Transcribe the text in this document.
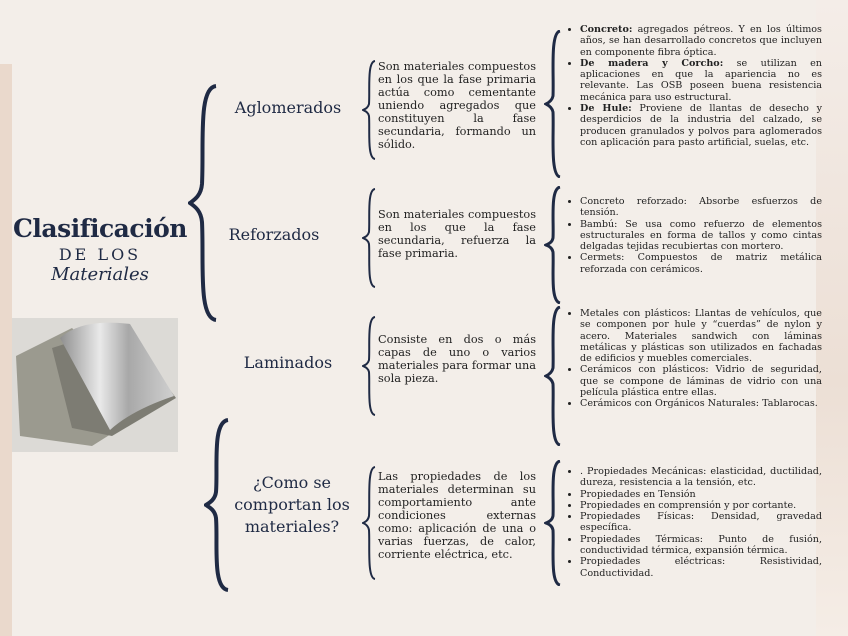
Clasificación
DE LOS
Materiales
Aglomerados
Reforzados
Laminados
¿Como se comportan los materiales?
Son materiales compuestos en los que la fase primaria actúa como cementante uniendo agregados que constituyen la fase secundaria, formando un sólido.
Son materiales compuestos en los que la fase secundaria, refuerza la fase primaria.
Consiste en dos o más capas de uno o varios materiales para formar una sola pieza.
Las propiedades de los materiales determinan su comportamiento ante condiciones externas como: aplicación de una o varias fuerzas, de calor, corriente eléctrica, etc.
• Concreto: agregados pétreos. Y en los últimos años, se han desarrollado concretos que incluyen en componente fibra óptica.
• De madera y Corcho: se utilizan en aplicaciones en que la apariencia no es relevante. Las OSB poseen buena resistencia mecánica para uso estructural.
• De Hule: Proviene de llantas de desecho y desperdicios de la industria del calzado, se producen granulados y polvos para aglomerados con aplicación para pasto artificial, suelas, etc.
• Concreto reforzado: Absorbe esfuerzos de tensión.
• Bambú: Se usa como refuerzo de elementos estructurales en forma de tallos y como cintas delgadas tejidas recubiertas con mortero.
• Cermets: Compuestos de matriz metálica reforzada con cerámicos.
• Metales con plásticos: Llantas de vehículos, que se componen por hule y “cuerdas” de nylon y acero. Materiales sandwich con láminas metálicas y plásticas son utilizados en fachadas de edificios y muebles comerciales.
• Cerámicos con plásticos: Vidrio de seguridad, que se compone de láminas de vidrio con una película plástica entre ellas.
• Cerámicos con Orgánicos Naturales: Tablarocas.
• . Propiedades Mecánicas: elasticidad, ductilidad, dureza, resistencia a la tensión, etc.
• Propiedades en Tensión
• Propiedades en comprensión y por cortante.
• Propiedades Físicas: Densidad, gravedad específica.
• Propiedades Térmicas: Punto de fusión, conductividad térmica, expansión térmica.
• Propiedades eléctricas: Resistividad, Conductividad.
